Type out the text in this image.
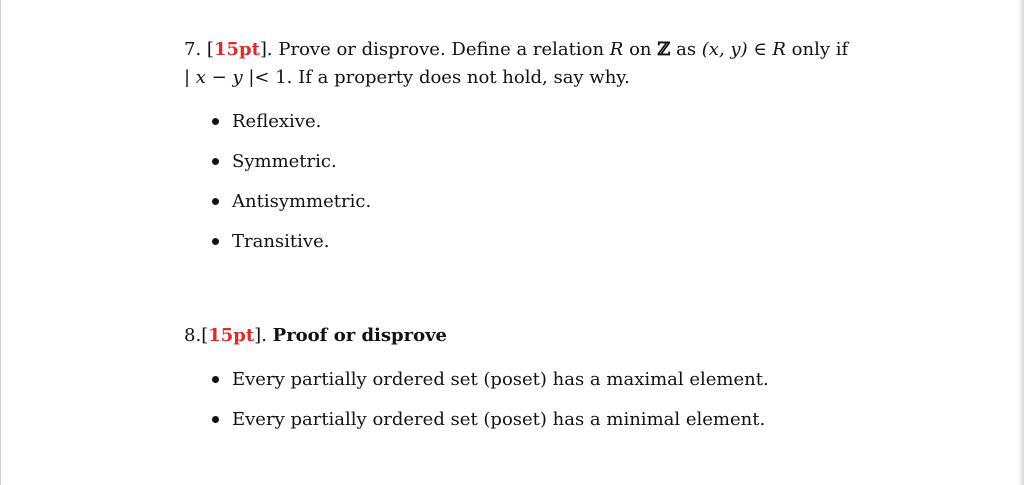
7. [15pt]. Prove or disprove. Define a relation R on ℤ as (x, y) ∈ R only if
| x − y |< 1. If a property does not hold, say why.
Reflexive.
Symmetric.
Antisymmetric.
Transitive.
8.[15pt]. Proof or disprove
Every partially ordered set (poset) has a maximal element.
Every partially ordered set (poset) has a minimal element.
